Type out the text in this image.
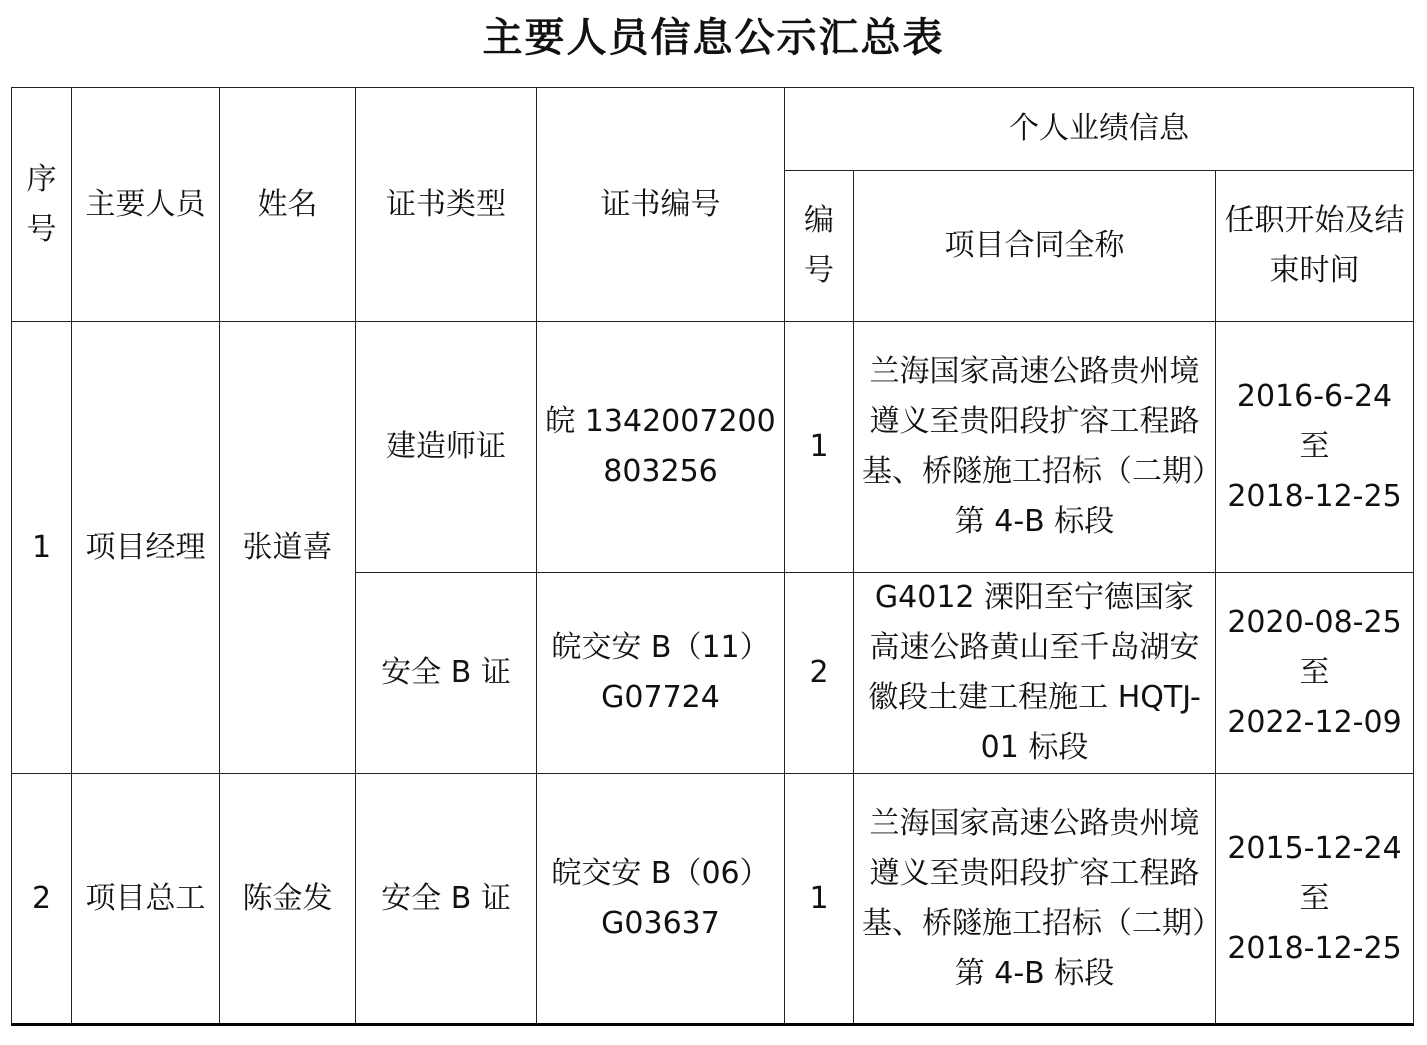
主要人员信息公示汇总表
序号	主要人员	姓名	证书类型	证书编号	个人业绩信息		
					编号	项目合同全称	任职开始及结束时间
1	项目经理	张道喜	建造师证	皖 1342007200803256	1	兰海国家高速公路贵州境遵义至贵阳段扩容工程路基、桥隧施工招标（二期）第 4-B 标段	2016-6-24
至
2018-12-25

			安全 B 证	皖交安 B（11） G07724	2	G4012 溧阳至宁德国家高速公路黄山至千岛湖安徽段土建工程施工 HQTJ-01 标段	2020-08-25
至
2022-12-09

2	项目总工	陈金发	安全 B 证	皖交安 B（06） G03637	1	兰海国家高速公路贵州境遵义至贵阳段扩容工程路基、桥隧施工招标（二期）第 4-B 标段	2015-12-24
至
2018-12-25
